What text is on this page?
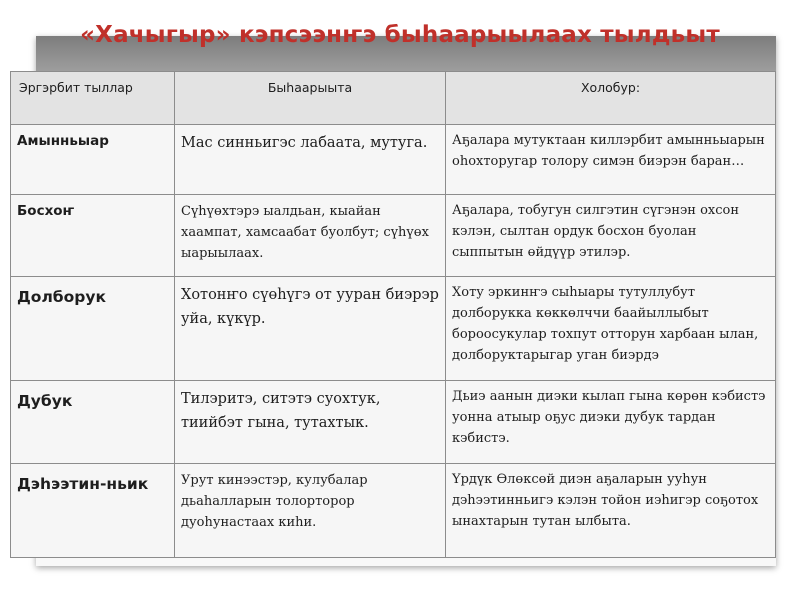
«Хачыгыр» кэпсээнҥэ быһаарыылаах тылдьыт
Эргэрбит тыллар	Быһаарыыта	Холобур:
Амынньыар	Мас синньигэс лабаата, мутуга.	Аҕалара мутуктаан киллэрбит амынньыарын оһохторугар толору симэн биэрэн баран…
Босхоҥ	Сүһүөхтэрэ ыалдьан, кыайан хаампат, хамсаабат буолбут; сүһүөх ыарыылаах.	Аҕалара, тобугун силгэтин сүгэнэн охсон кэлэн, сылтан ордук босхон буолан сыппытын өйдүүр этилэр.
Долборук	Хотонҥо сүөһүгэ от ууран биэрэр уйа, күкүр.	Хоту эркинҥэ сыһыары тутуллубут долборукка көккөлччи баайыллыбыт бороосукулар тохпут отторун харбаан ылан, долборуктарыгар уган биэрдэ
Дубук	Тилэритэ, ситэтэ суохтук, тиийбэт гына, тутахтык.	Дьиэ аанын диэки кылап гына көрөн кэбистэ уонна атыыр оҕус диэки дубук тардан кэбистэ.
Дэһээтин-ньик	Урут кинээстэр, кулубалар дьаһалларын толорторор дуоһунастаах киһи.	Үрдүк Өлөксөй диэн аҕаларын ууһун дэһээтинньигэ кэлэн тойон иэһигэр соҕотох ынахтарын тутан ылбыта.
